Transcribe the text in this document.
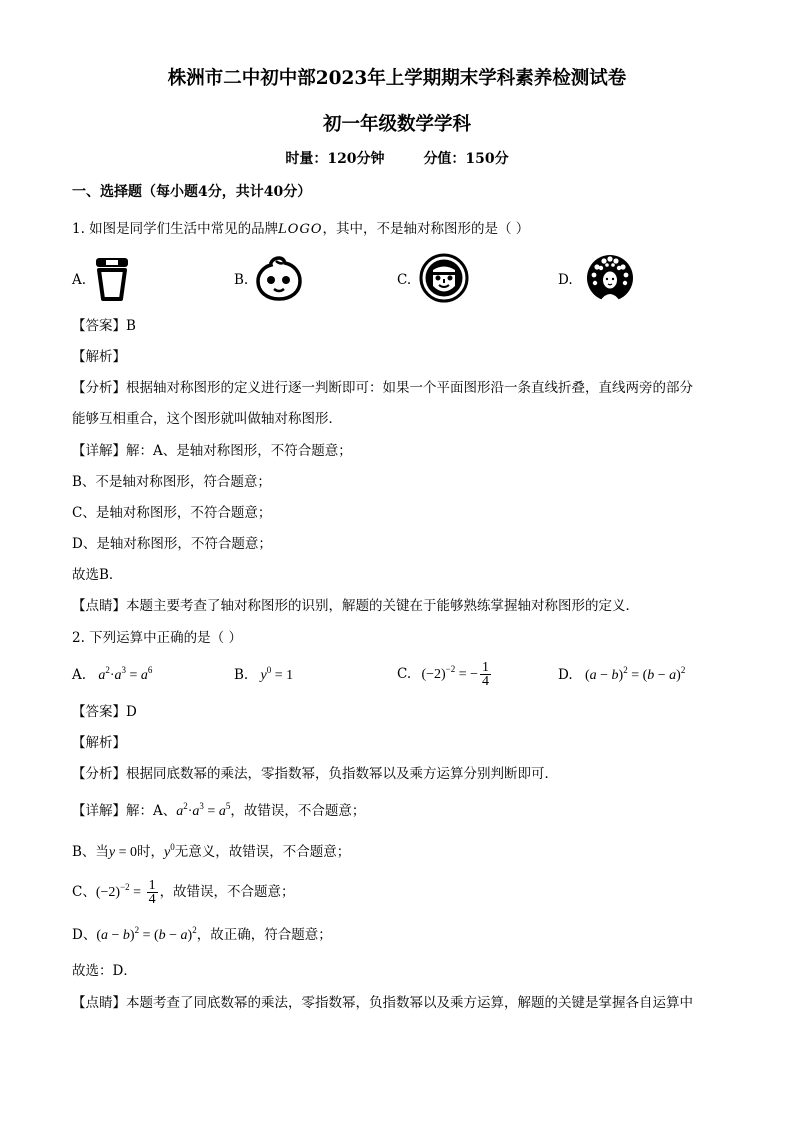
株洲市二中初中部2023年上学期期末学科素养检测试卷
初一年级数学学科
时量：120分钟	分值：150分
一、选择题（每小题4分，共计40分）
1. 如图是同学们生活中常见的品牌LOGO，其中，不是轴对称图形的是（ ）
A.	B.	C.	D.
【答案】B
【解析】
【分析】根据轴对称图形的定义进行逐一判断即可：如果一个平面图形沿一条直线折叠，直线两旁的部分
能够互相重合，这个图形就叫做轴对称图形．
【详解】解：A、是轴对称图形，不符合题意；
B、不是轴对称图形，符合题意；
C、是轴对称图形，不符合题意；
D、是轴对称图形，不符合题意；
故选B．
【点睛】本题主要考查了轴对称图形的识别，解题的关键在于能够熟练掌握轴对称图形的定义．
2. 下列运算中正确的是（ ）
A. $a^2\cdot a^3 = a^6$	B. $y^0 = 1$	C. $(-2)^{-2}$ = − $\frac{1}{4}$	D. $(a - b)^2 = (b - a)^2$
【答案】D
【解析】
【分析】根据同底数幂的乘法，零指数幂，负指数幂以及乘方运算分别判断即可．
【详解】解：A、$a^2\cdot a^3 = a^5$，故错误，不合题意；
B、当y = 0时，$y^0$无意义，故错误，不合题意；
C、$(-2)^{-2} = \frac{1}{4}$ ，故错误，不合题意；
D、$(a - b)^2 = (b - a)^2$，故正确，符合题意；
故选：D．
【点睛】本题考查了同底数幂的乘法，零指数幂，负指数幂以及乘方运算，解题的关键是掌握各自运算中
